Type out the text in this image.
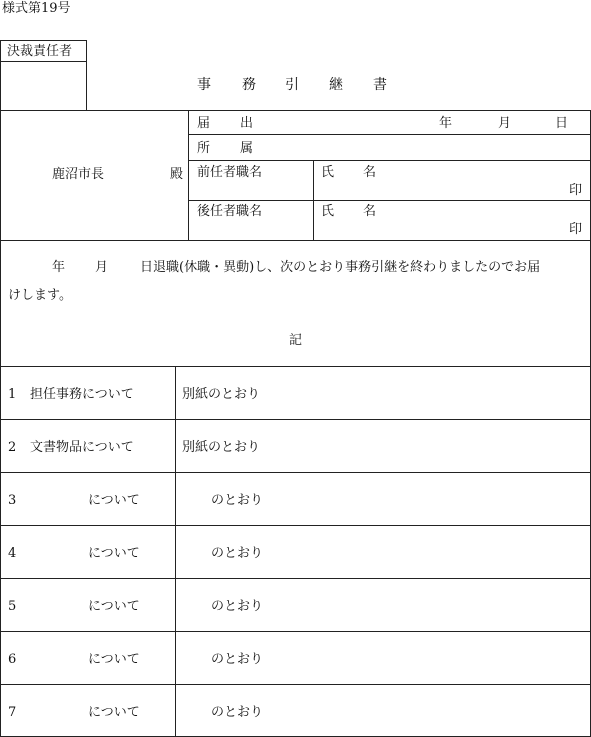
様式第19号
決裁責任者
事 務 引 継 書
鹿沼市長	殿
届 出	年	月	日
所 属
前任者職名	氏 名
印
後任者職名	氏 名
印
年 月 日退職(休職・異動)し、次のとおり事務引継を終わりましたのでお届
けします。
記
1 担任事務について	別紙のとおり
2 文書物品について	別紙のとおり
3	について	のとおり
4	について	のとおり
5	について	のとおり
6	について	のとおり
7	について	のとおり
